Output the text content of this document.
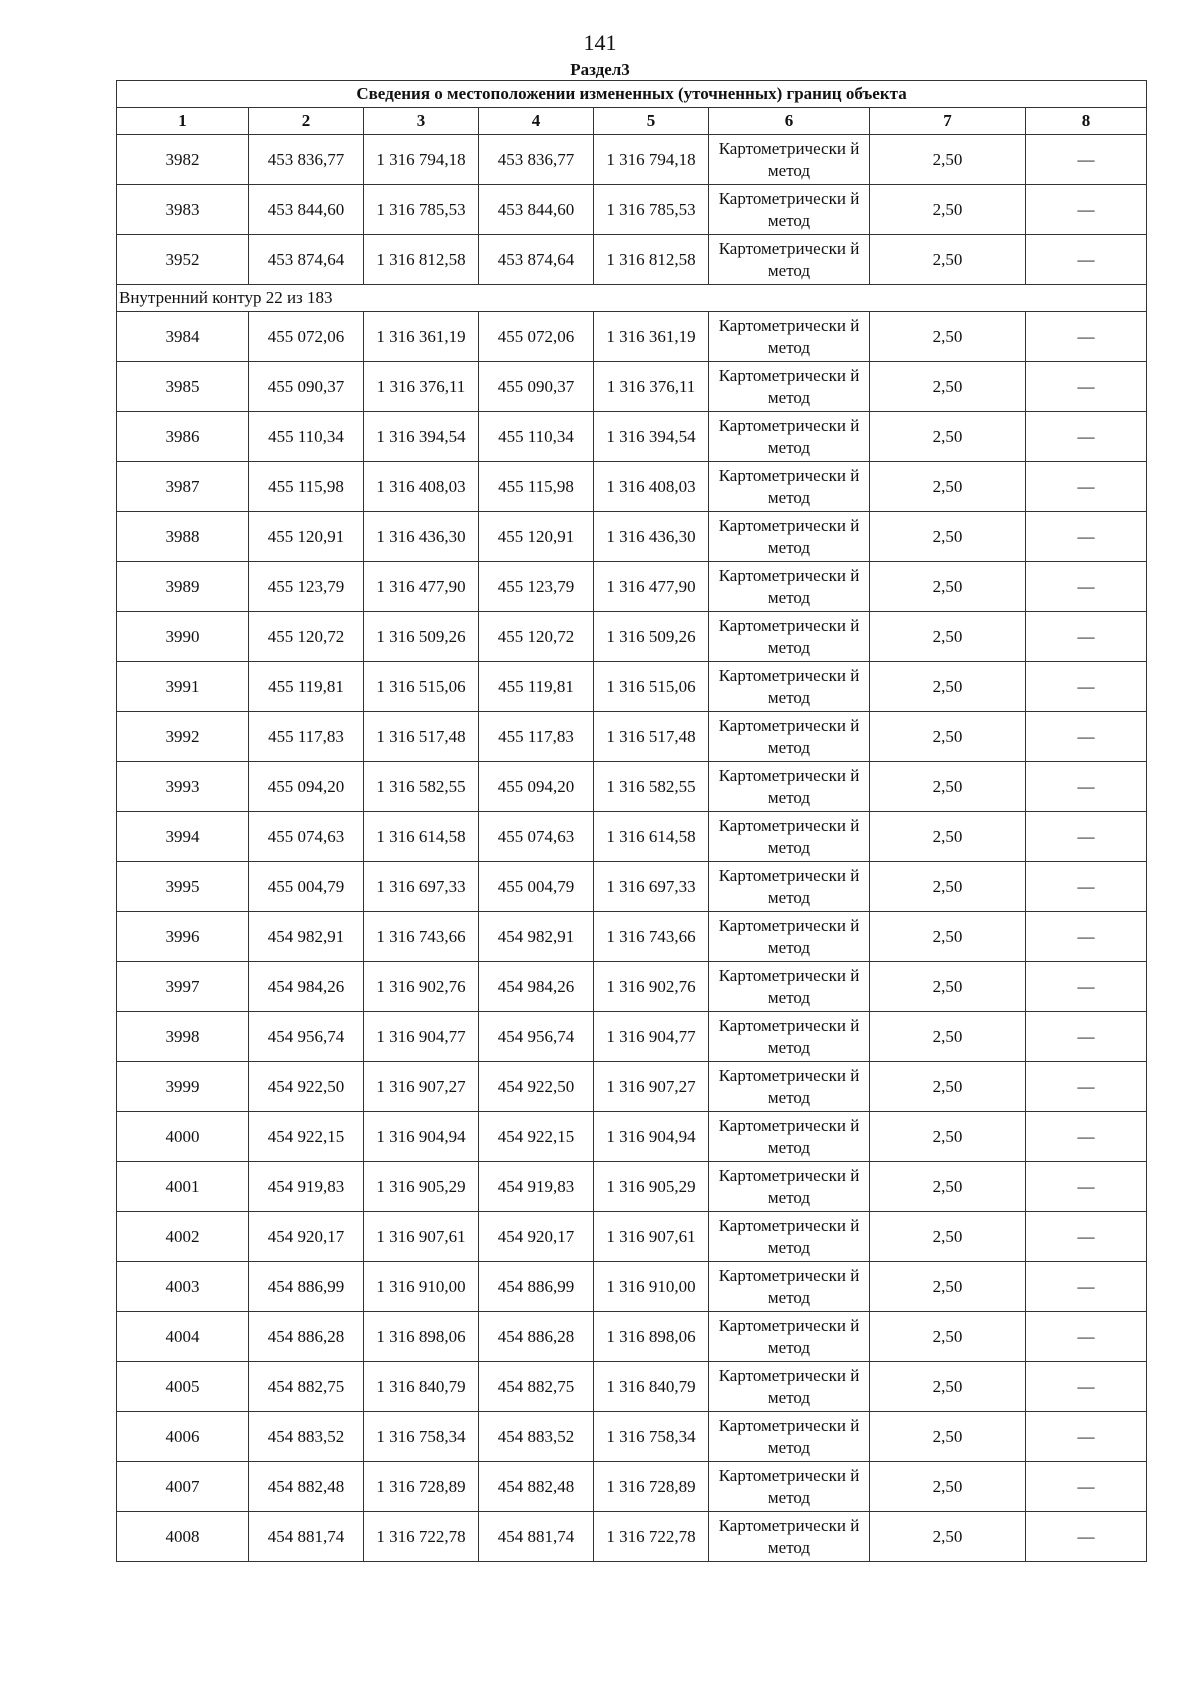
141
Раздел3
Сведения о местоположении измененных (уточненных) границ объекта							
1	2	3	4	5	6	7	8
3982	453 836,77	1 316 794,18	453 836,77	1 316 794,18	Картометрически й метод	2,50	—
3983	453 844,60	1 316 785,53	453 844,60	1 316 785,53	Картометрически й метод	2,50	—
3952	453 874,64	1 316 812,58	453 874,64	1 316 812,58	Картометрически й метод	2,50	—
Внутренний контур 22 из 183							
3984	455 072,06	1 316 361,19	455 072,06	1 316 361,19	Картометрически й метод	2,50	—
3985	455 090,37	1 316 376,11	455 090,37	1 316 376,11	Картометрически й метод	2,50	—
3986	455 110,34	1 316 394,54	455 110,34	1 316 394,54	Картометрически й метод	2,50	—
3987	455 115,98	1 316 408,03	455 115,98	1 316 408,03	Картометрически й метод	2,50	—
3988	455 120,91	1 316 436,30	455 120,91	1 316 436,30	Картометрически й метод	2,50	—
3989	455 123,79	1 316 477,90	455 123,79	1 316 477,90	Картометрически й метод	2,50	—
3990	455 120,72	1 316 509,26	455 120,72	1 316 509,26	Картометрически й метод	2,50	—
3991	455 119,81	1 316 515,06	455 119,81	1 316 515,06	Картометрически й метод	2,50	—
3992	455 117,83	1 316 517,48	455 117,83	1 316 517,48	Картометрически й метод	2,50	—
3993	455 094,20	1 316 582,55	455 094,20	1 316 582,55	Картометрически й метод	2,50	—
3994	455 074,63	1 316 614,58	455 074,63	1 316 614,58	Картометрически й метод	2,50	—
3995	455 004,79	1 316 697,33	455 004,79	1 316 697,33	Картометрически й метод	2,50	—
3996	454 982,91	1 316 743,66	454 982,91	1 316 743,66	Картометрически й метод	2,50	—
3997	454 984,26	1 316 902,76	454 984,26	1 316 902,76	Картометрически й метод	2,50	—
3998	454 956,74	1 316 904,77	454 956,74	1 316 904,77	Картометрически й метод	2,50	—
3999	454 922,50	1 316 907,27	454 922,50	1 316 907,27	Картометрически й метод	2,50	—
4000	454 922,15	1 316 904,94	454 922,15	1 316 904,94	Картометрически й метод	2,50	—
4001	454 919,83	1 316 905,29	454 919,83	1 316 905,29	Картометрически й метод	2,50	—
4002	454 920,17	1 316 907,61	454 920,17	1 316 907,61	Картометрически й метод	2,50	—
4003	454 886,99	1 316 910,00	454 886,99	1 316 910,00	Картометрически й метод	2,50	—
4004	454 886,28	1 316 898,06	454 886,28	1 316 898,06	Картометрически й метод	2,50	—
4005	454 882,75	1 316 840,79	454 882,75	1 316 840,79	Картометрически й метод	2,50	—
4006	454 883,52	1 316 758,34	454 883,52	1 316 758,34	Картометрически й метод	2,50	—
4007	454 882,48	1 316 728,89	454 882,48	1 316 728,89	Картометрически й метод	2,50	—
4008	454 881,74	1 316 722,78	454 881,74	1 316 722,78	Картометрически й метод	2,50	—
